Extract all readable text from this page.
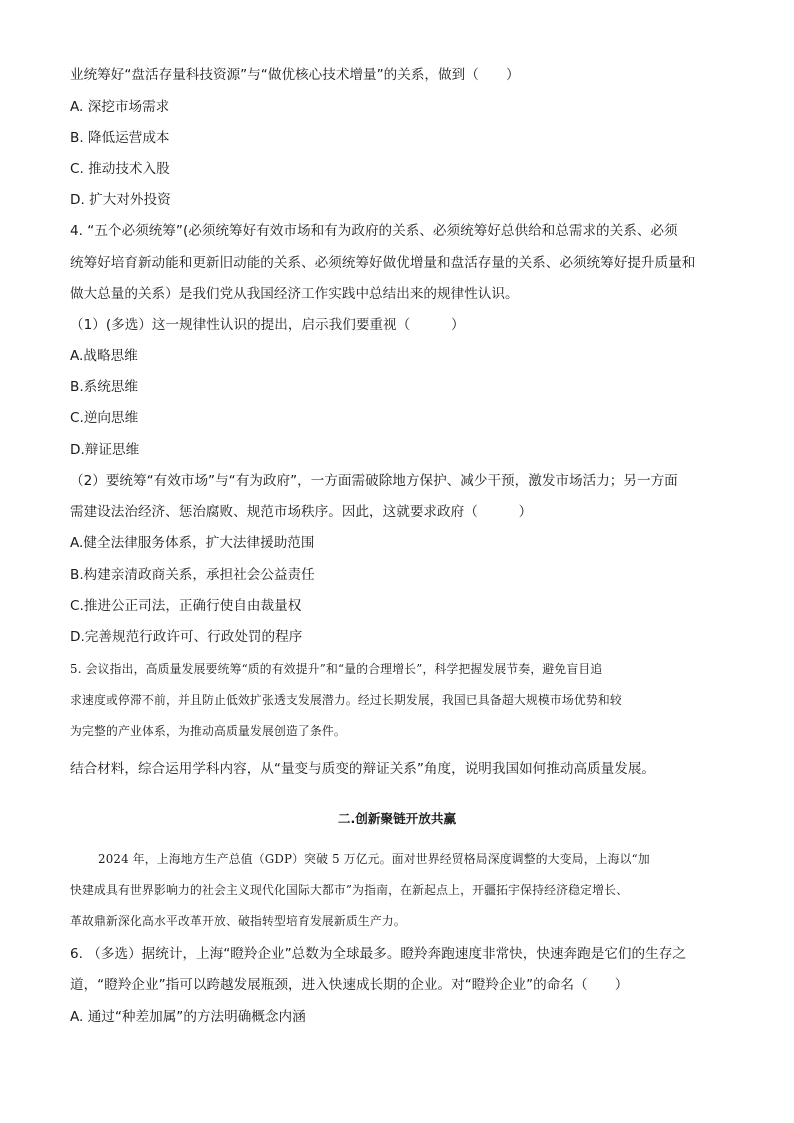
业统筹好“盘活存量科技资源”与“做优核心技术增量”的关系，做到（　　）
A. 深挖市场需求
B. 降低运营成本
C. 推动技术入股
D. 扩大对外投资
4. “五个必须统筹”(必须统筹好有效市场和有为政府的关系、必须统筹好总供给和总需求的关系、必须
统筹好培育新动能和更新旧动能的关系、必须统筹好做优增量和盘活存量的关系、必须统筹好提升质量和
做大总量的关系）是我们党从我国经济工作实践中总结出来的规律性认识。
（1）(多选）这一规律性认识的提出，启示我们要重视（　　　）
A.战略思维
B.系统思维
C.逆向思维
D.辩证思维
（2）要统筹“有效市场”与“有为政府”，一方面需破除地方保护、减少干预，激发市场活力；另一方面
需建设法治经济、惩治腐败、规范市场秩序。因此，这就要求政府（　　　）
A.健全法律服务体系，扩大法律援助范围
B.构建亲清政商关系，承担社会公益责任
C.推进公正司法，正确行使自由裁量权
D.完善规范行政许可、行政处罚的程序
5. 会议指出，高质量发展要统筹“质的有效提升”和“量的合理增长”，科学把握发展节奏，避免盲目追
求速度或停滞不前，并且防止低效扩张透支发展潜力。经过长期发展，我国已具备超大规模市场优势和较
为完整的产业体系，为推动高质量发展创造了条件。
结合材料，综合运用学科内容，从“量变与质变的辩证关系”角度，说明我国如何推动高质量发展。
二.创新聚链开放共赢
2024 年，上海地方生产总值（GDP）突破 5 万亿元。面对世界经贸格局深度调整的大变局，上海以“加
快建成具有世界影响力的社会主义现代化国际大都市”为指南，在新起点上，开疆拓宇保持经济稳定增长、
革故鼎新深化高水平改革开放、破指转型培育发展新质生产力。
6. （多选）据统计，上海“瞪羚企业”总数为全球最多。瞪羚奔跑速度非常快，快速奔跑是它们的生存之
道，“瞪羚企业”指可以跨越发展瓶颈，进入快速成长期的企业。对“瞪羚企业”的命名（　　）
A. 通过“种差加属”的方法明确概念内涵
